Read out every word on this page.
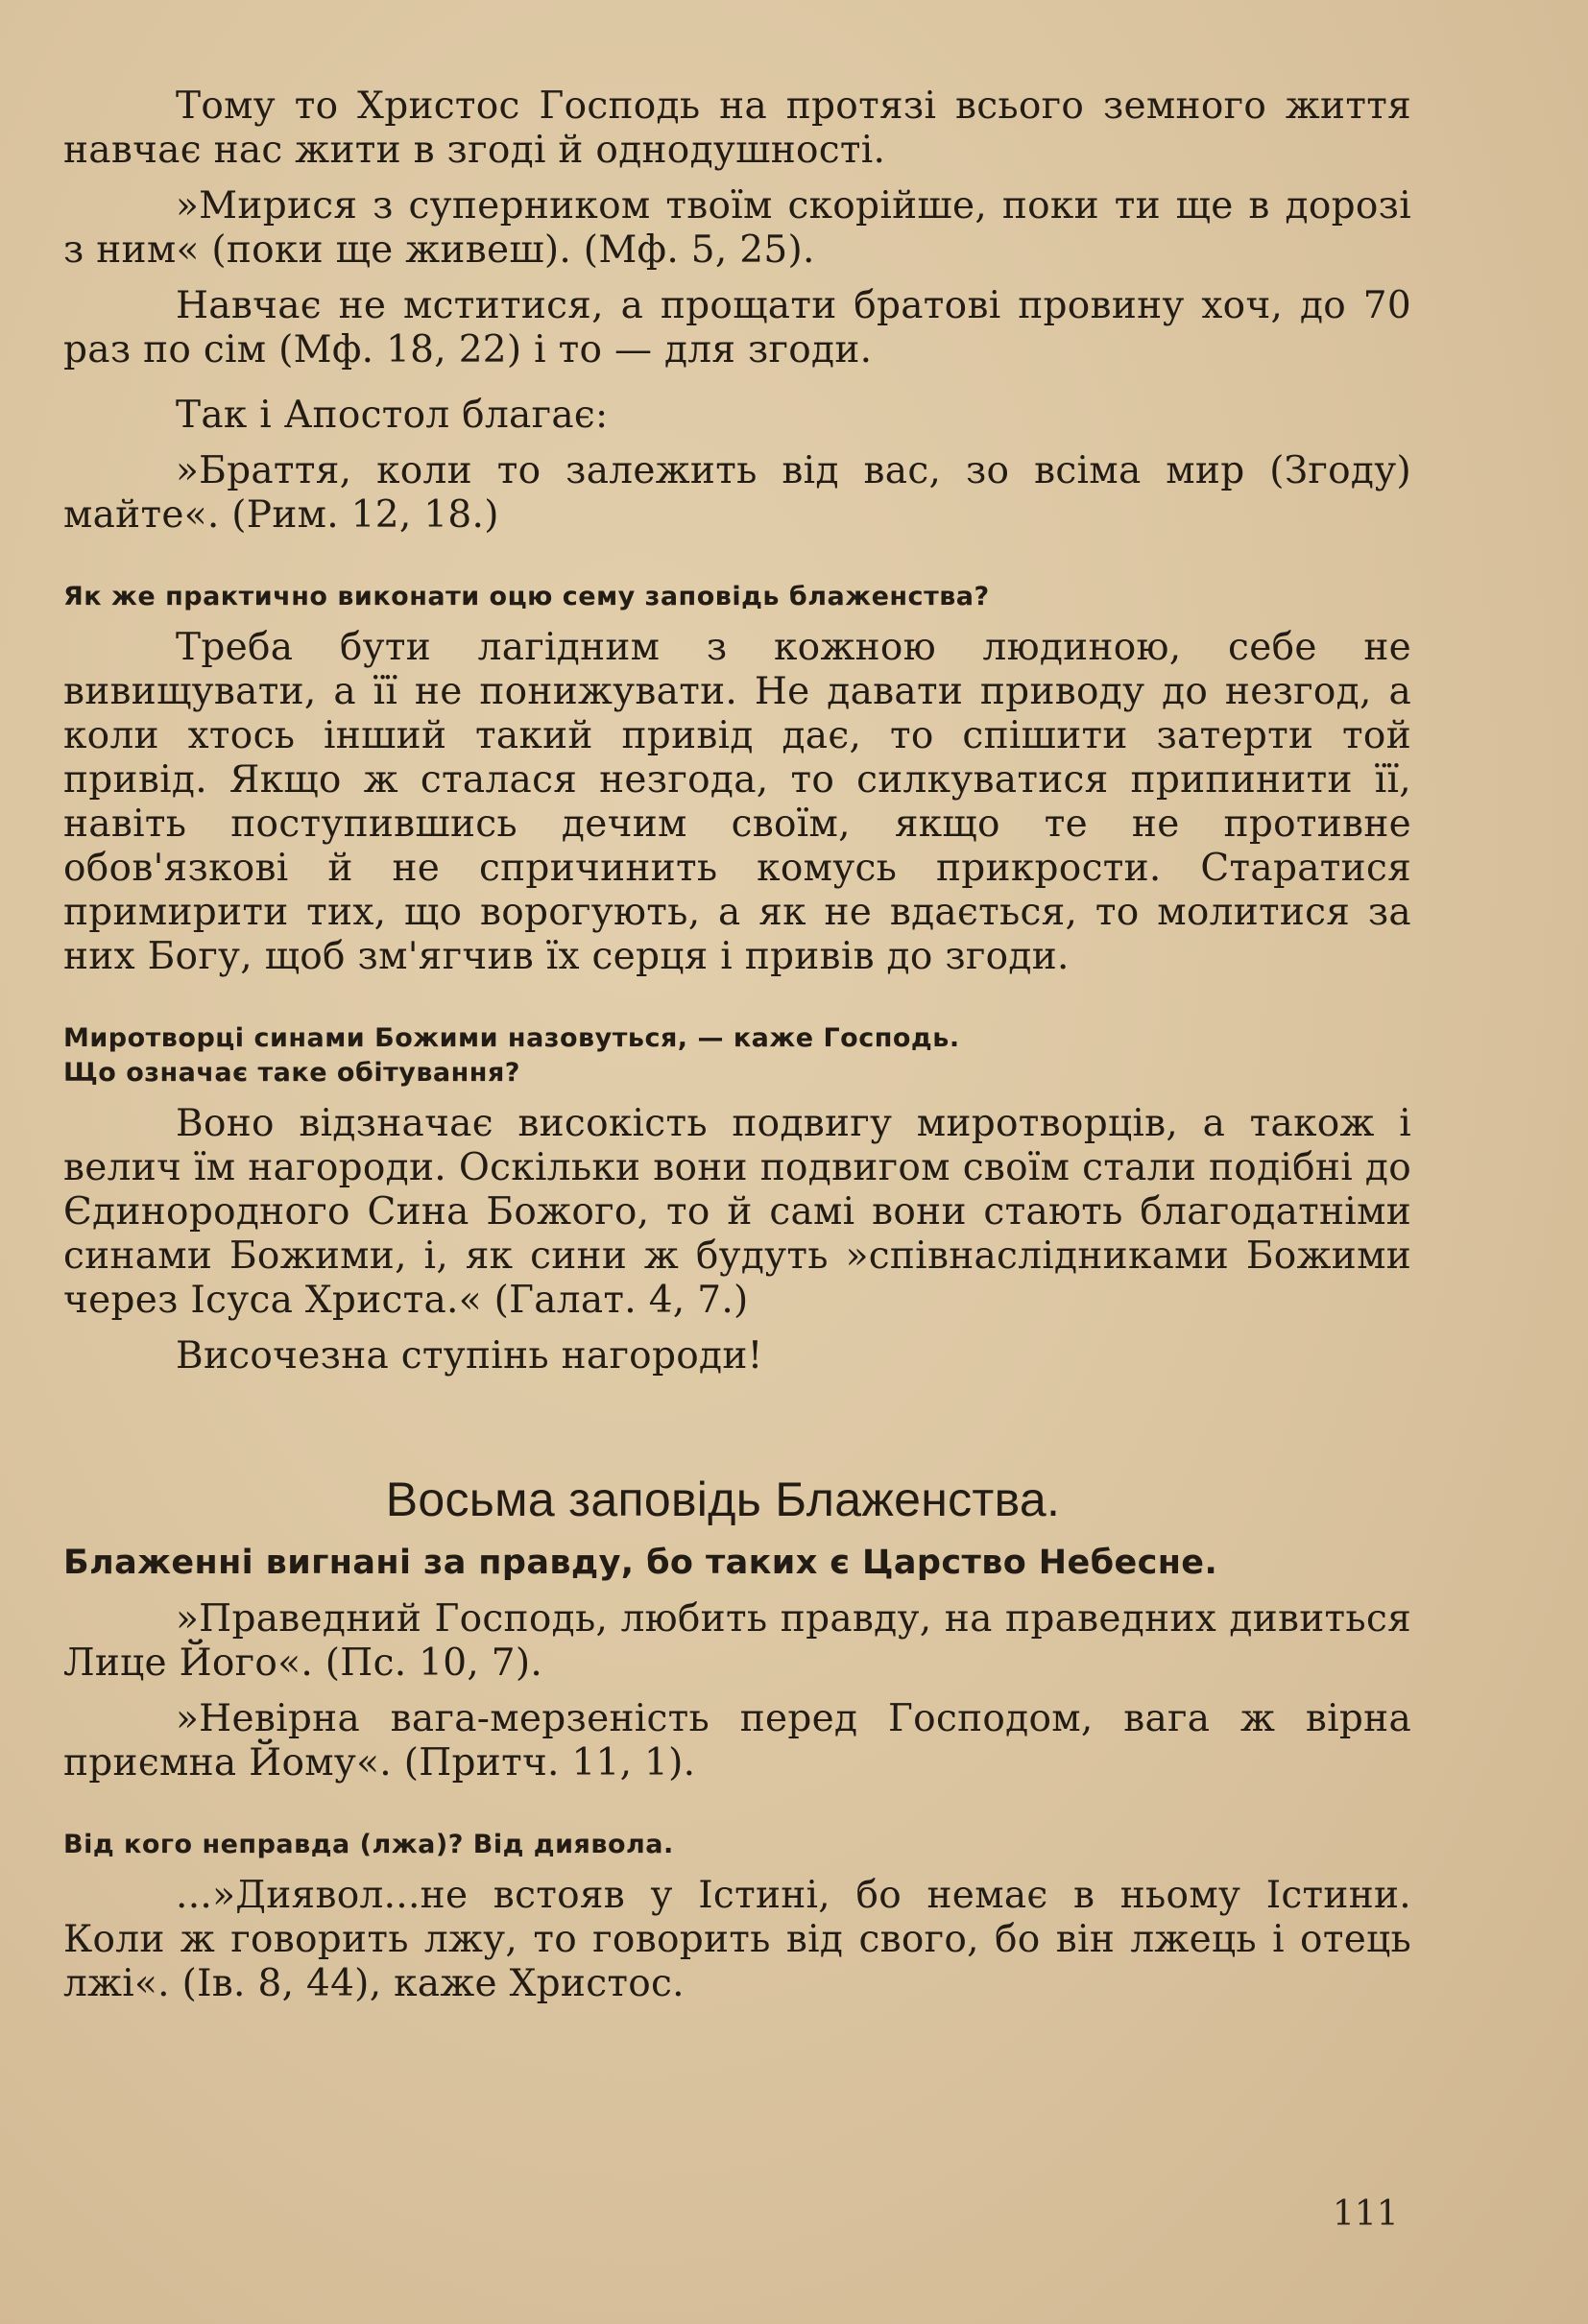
Тому то Христос Господь на протязі всього земного життя навчає нас жити в згоді й однодушності.

»Мирися з суперником твоїм скорійше, поки ти ще в дорозі з ним« (поки ще живеш). (Мф. 5, 25).

Навчає не мститися, а прощати братові провину хоч, до 70 раз по сім (Мф. 18, 22) і то — для згоди.

Так і Апостол благає:

»Браття, коли то залежить від вас, зо всіма мир (Згоду) майте«. (Рим. 12, 18.)

Як же практично виконати оцю сему заповідь блаженства?

Треба бути лагідним з кожною людиною, себе не вивищувати, а її не понижувати. Не давати приводу до незгод, а коли хтось інший такий привід дає, то спішити затерти той привід. Якщо ж сталася незгода, то силкуватися припинити її, навіть поступившись дечим своїм, якщо те не противне обов'язкові й не спричинить комусь прикрости. Старатися примирити тих, що ворогують, а як не вдається, то молитися за них Богу, щоб зм'ягчив їх серця і привів до згоди.

Миротворці синами Божими назовуться, — каже Господь.

Що означає таке обітування?

Воно відзначає високість подвигу миротворців, а також і велич їм нагороди. Оскільки вони подвигом своїм стали подібні до Єдинородного Сина Божого, то й самі вони стають благодатніми синами Божими, і, як сини ж будуть »співнаслідниками Божими через Ісуса Христа.« (Галат. 4, 7.)

Височезна ступінь нагороди!

Восьма заповідь Блаженства.

Блаженні вигнані за правду, бо таких є Царство Небесне.

»Праведний Господь, любить правду, на праведних дивиться Лице Його«. (Пс. 10, 7).

»Невірна вага-мерзеність перед Господом, вага ж вірна приємна Йому«. (Притч. 11, 1).

Від кого неправда (лжа)? Від диявола.

...»Диявол...не встояв у Істині, бо немає в ньому Істини. Коли ж говорить лжу, то говорить від свого, бо він лжець і отець лжі«. (Ів. 8, 44), каже Христос.

111
